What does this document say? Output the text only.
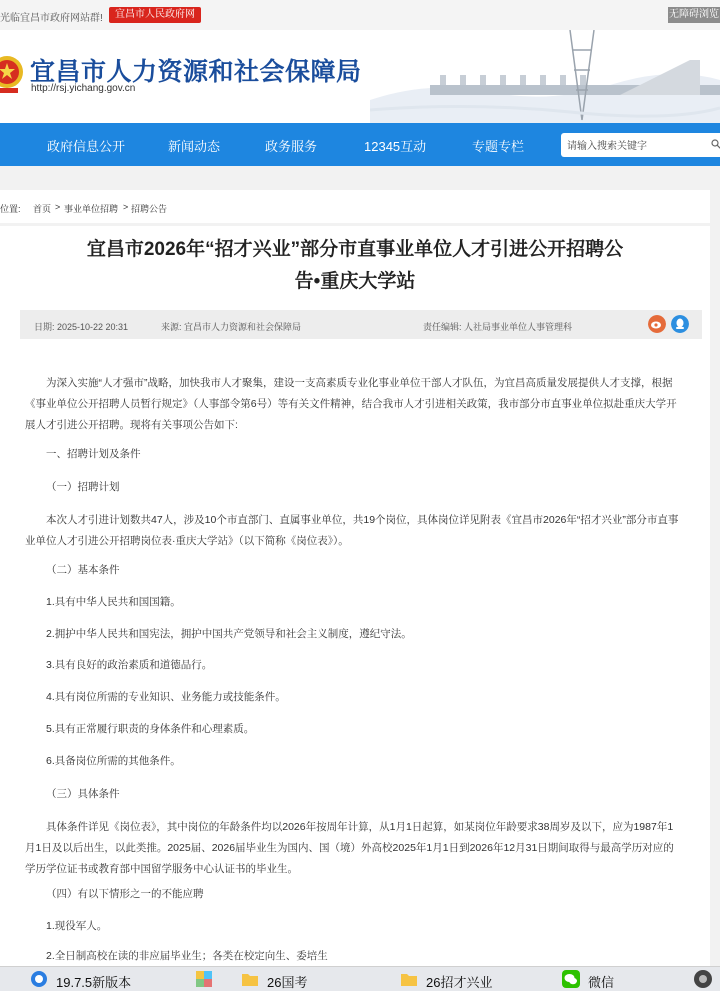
光临宜昌市政府网站群!	宜昌市人民政府网	无障碍浏览
宜昌市人力资源和社会保障局
http://rsj.yichang.gov.cn
政府信息公开	新闻动态	政务服务	12345互动	专题专栏
请输入搜索关键字
位置: 首页 > 事业单位招聘 > 招聘公告
宜昌市2026年“招才兴业”部分市直事业单位人才引进公开招聘公
告•重庆大学站
日期: 2025-10-22 20:31	来源: 宜昌市人力资源和社会保障局	责任编辑: 人社局事业单位人事管理科
为深入实施“人才强市”战略，加快我市人才聚集，建设一支高素质专业化事业单位干部人才队伍，为宜昌高质量发展提供人才支撑，根据《事业单位公开招聘人员暂行规定》（人事部令第6号）等有关文件精神，结合我市人才引进相关政策，我市部分市直事业单位拟赴重庆大学开展人才引进公开招聘。现将有关事项公告如下:
一、招聘计划及条件
（一）招聘计划
本次人才引进计划数共47人，涉及10个市直部门、直属事业单位，共19个岗位，具体岗位详见附表《宜昌市2026年“招才兴业”部分市直事业单位人才引进公开招聘岗位表·重庆大学站》（以下简称《岗位表》）。
（二）基本条件
1.具有中华人民共和国国籍。
2.拥护中华人民共和国宪法，拥护中国共产党领导和社会主义制度，遵纪守法。
3.具有良好的政治素质和道德品行。
4.具有岗位所需的专业知识、业务能力或技能条件。
5.具有正常履行职责的身体条件和心理素质。
6.具备岗位所需的其他条件。
（三）具体条件
具体条件详见《岗位表》，其中岗位的年龄条件均以2026年按周年计算，从1月1日起算，如某岗位年龄要求38周岁及以下，应为1987年1月1日及以后出生，以此类推。2025届、2026届毕业生为国内、国（境）外高校2025年1月1日到2026年12月31日期间取得与最高学历对应的学历学位证书或教育部中国留学服务中心认证书的毕业生。
（四）有以下情形之一的不能应聘
1.现役军人。
2.全日制高校在读的非应届毕业生；各类在校定向生、委培生
19.7.5新版本	26国考	26招才兴业	微信
